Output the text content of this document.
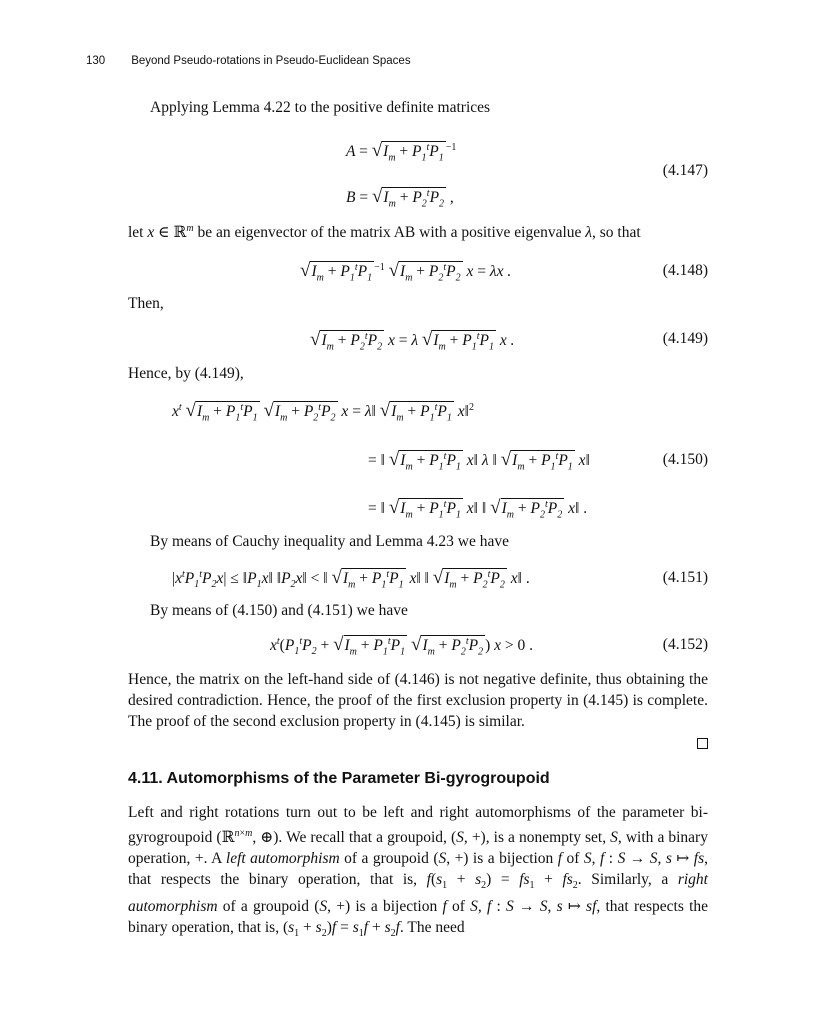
130 Beyond Pseudo-rotations in Pseudo-Euclidean Spaces
Applying Lemma 4.22 to the positive definite matrices
$A = √I_m + P_1^tP_1^{-1}$
$B = √I_m + P_2^tP_2$ ,
(4.147)
let x ∈ ℝ$^m$ be an eigenvector of the matrix AB with a positive eigenvalue λ, so that
$√I_m + P_1^tP_1^{-1}$ $√I_m + P_2^tP_2$ x = λx .	(4.148)
Then,
$√I_m + P_2^tP_2$ x = λ $√I_m + P_1^tP_1$ x .	(4.149)
Hence, by (4.149),
$x^t$ $√I_m + P_1^tP_1$ $√I_m + P_2^tP_2$ x = λ‖ $√I_m + P_1^tP_1$ x‖$^2$
= ‖ $√I_m + P_1^tP_1$ x‖ λ ‖ $√I_m + P_1^tP_1$ x‖	(4.150)
= ‖ $√I_m + P_1^tP_1$ x‖ ‖ $√I_m + P_2^tP_2$ x‖ .
By means of Cauchy inequality and Lemma 4.23 we have
$|x^tP_1^tP_2x|$ ≤ $‖P_1x‖$ $‖P_2x‖$ < ‖ $√I_m + P_1^tP_1$ x‖ ‖ $√I_m + P_2^tP_2$ x‖ .	(4.151)
By means of (4.150) and (4.151) we have
$x^t(P_1^tP_2 + √I_m + P_1^tP_1$ $√I_m + P_2^tP_2$ ) x > 0 .	(4.152)
Hence, the matrix on the left-hand side of (4.146) is not negative definite, thus obtaining the desired contradiction. Hence, the proof of the first exclusion property in (4.145) is complete. The proof of the second exclusion property in (4.145) is similar.
4.11. Automorphisms of the Parameter Bi-gyrogroupoid
Left and right rotations turn out to be left and right automorphisms of the parameter bi-gyrogroupoid (ℝ$^{n\times m}$, ⊕). We recall that a groupoid, (S, +), is a nonempty set, S, with a binary operation, +. A left automorphism of a groupoid (S, +) is a bijection f of S, f : S → S, s ↦ fs, that respects the binary operation, that is, $f(s_1 + s_2) = fs_1 + fs_2$. Similarly, a right automorphism of a groupoid (S, +) is a bijection f of S, f : S → S, s ↦ sf, that respects the binary operation, that is, $(s_1 + s_2)f = s_1f + s_2f$. The need
